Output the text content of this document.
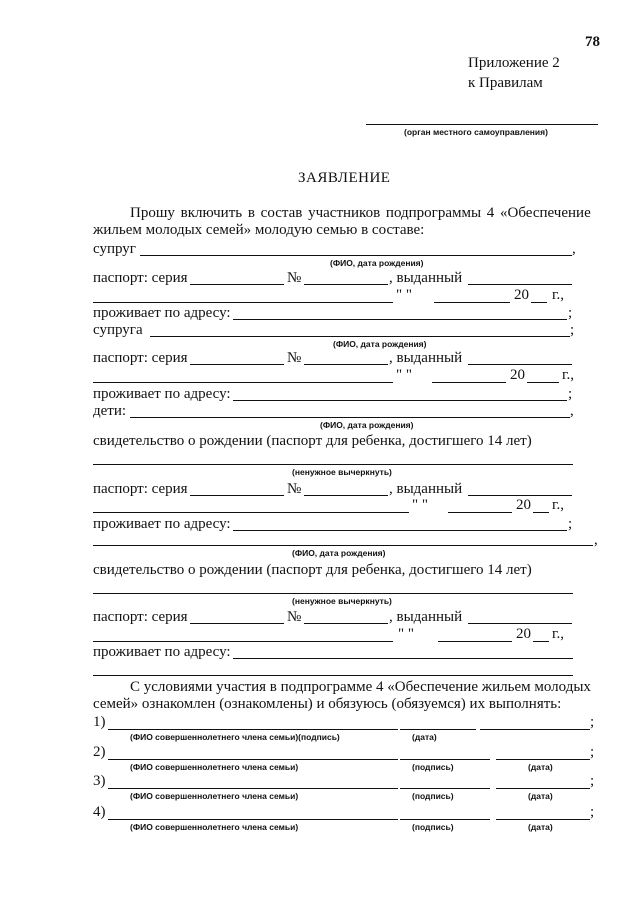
78
Приложение 2
к Правилам
(орган местного самоуправления)
ЗАЯВЛЕНИЕ
Прошу включить в состав участников подпрограммы 4 «Обеспечение
жильем молодых семей» молодую семью в составе:
супруг	,
(ФИО, дата рождения)
паспорт: серия	№	, выданный
" "	20 г.,
проживает по адресу:	;
супруга	;
(ФИО, дата рождения)
паспорт: серия	№	, выданный
" "	20 г.,
проживает по адресу:	;
дети:	,
(ФИО, дата рождения)
свидетельство о рождении (паспорт для ребенка, достигшего 14 лет)
(ненужное вычеркнуть)
паспорт: серия	№	, выданный
" "	20 г.,
проживает по адресу:	;
,
(ФИО, дата рождения)
свидетельство о рождении (паспорт для ребенка, достигшего 14 лет)
(ненужное вычеркнуть)
паспорт: серия	№	, выданный
" "	20 г.,
проживает по адресу:
С условиями участия в подпрограмме 4 «Обеспечение жильем молодых
семей» ознакомлен (ознакомлены) и обязуюсь (обязуемся) их выполнять:
1)	;
(ФИО совершеннолетнего члена семьи)(подпись)	(дата)
2)	;
(ФИО совершеннолетнего члена семьи)	(подпись)	(дата)
3)	;
(ФИО совершеннолетнего члена семьи)	(подпись)	(дата)
4)	;
(ФИО совершеннолетнего члена семьи)	(подпись)	(дата)
